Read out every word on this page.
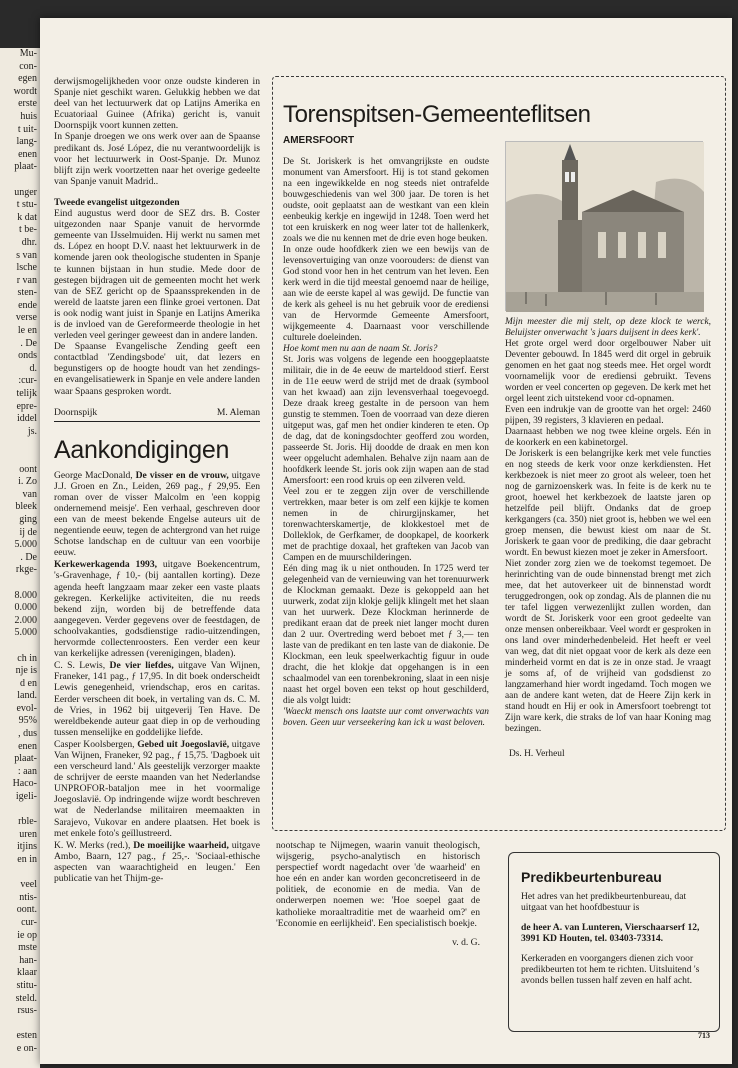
Mu-

con-

egen

wordt

erste

huis

t uit-

lang-

enen

plaat-

unger

t stu-

k dat

t be-

dhr.

s van

lsche

r van

sten-

ende

verse

le en

. De

onds

d.

:cur-

telijk

epre-

iddel

js.

oont

i. Zo

van

bleek

ging

ij de

5.000

. De

rkge-

8.000

0.000

2.000

5.000

ch in

nje is

d en

land.

evol-

95%

, dus

enen

plaat-

: aan

Haco-

igeli-

rble-

uren

itjins

en in

veel

ntis-

oont.

cur-

ie op

mste

han-

klaar

stitu-

steld.

rsus-

esten

e on-

derwijsmogelijkheden voor onze oudste kinderen in Spanje niet geschikt waren. Gelukkig hebben we dat deel van het lectuurwerk dat op Latijns Amerika en Ecuatoriaal Guinee (Afrika) gericht is, vanuit Doornspijk voort kunnen zetten.

In Spanje droegen we ons werk over aan de Spaanse predikant ds. José López, die nu verantwoordelijk is voor het lectuurwerk in Oost-Spanje. Dr. Munoz blijft zijn werk voortzetten naar het overige gedeelte van Spanje vanuit Madrid..

Tweede evangelist uitgezonden

Eind augustus werd door de SEZ drs. B. Coster uitgezonden naar Spanje vanuit de hervormde gemeente van IJsselmuiden. Hij werkt nu samen met ds. López en hoopt D.V. naast het lektuurwerk in de komende jaren ook theologische studenten in Spanje te kunnen bijstaan in hun studie. Mede door de gestegen bijdragen uit de gemeenten mocht het werk van de SEZ gericht op de Spaanssprekenden in de wereld de laatste jaren een flinke groei vertonen. Dat is ook nodig want juist in Spanje en Latijns Amerika is de invloed van de Gereformeerde theologie in het verleden veel geringer geweest dan in andere landen.

De Spaanse Evangelische Zending geeft een contactblad 'Zendingsbode' uit, dat lezers en begunstigers op de hoogte houdt van het zendings- en evangelisatiewerk in Spanje en vele andere landen waar Spaans gesproken wordt.

Doornspijk	M. Aleman
Aankondigingen

George MacDonald, De visser en de vrouw, uitgave J.J. Groen en Zn., Leiden, 269 pag., ƒ 29,95. Een roman over de visser Malcolm en 'een koppig ondernemend meisje'. Een verhaal, geschreven door een van de meest bekende Engelse auteurs uit de negentiende eeuw, tegen de achtergrond van het ruige Schotse landschap en de cultuur van een voorbije eeuw.

Kerkewerkagenda 1993, uitgave Boekencentrum, 's-Gravenhage, ƒ 10,- (bij aantallen korting). Deze agenda heeft langzaam maar zeker een vaste plaats gekregen. Kerkelijke activiteiten, die nu reeds bekend zijn, worden bij de betreffende data aangegeven. Verder gegevens over de feestdagen, de schoolvakanties, godsdienstige radio-uitzendingen, hervormde collectenroosters. Een verder een keur van kerkelijke adressen (verenigingen, bladen).

C. S. Lewis, De vier liefdes, uitgave Van Wijnen, Franeker, 141 pag., ƒ 17,95. In dit boek onderscheidt Lewis genegenheid, vriendschap, eros en caritas. Eerder verscheen dit boek, in vertaling van ds. C. M. de Vries, in 1962 bij uitgeverij Ten Have. De wereldbekende auteur gaat diep in op de verhouding tussen menselijke en goddelijke liefde.

Casper Koolsbergen, Gebed uit Joegoslavië, uitgave Van Wijnen, Franeker, 92 pag., ƒ 15,75. 'Dagboek uit een verscheurd land.' Als geestelijk verzorger maakte de schrijver de eerste maanden van het Nederlandse UNPROFOR-bataljon mee in het voormalige Joegoslavië. Op indringende wijze wordt beschreven wat de Nederlandse militairen meemaakten in Sarajevo, Vukovar en andere plaatsen. Het boek is met enkele foto's geïllustreerd.

K. W. Merks (red.), De moeilijke waarheid, uitgave Ambo, Baarn, 127 pag., ƒ 25,-. 'Sociaal-ethische aspecten van waarachtigheid en leugen.' Een publicatie van het Thijm-ge-

Torenspitsen-Gemeenteflitsen
AMERSFOORT

De St. Joriskerk is het omvangrijkste en oudste monument van Amersfoort. Hij is tot stand gekomen na een ingewikkelde en nog steeds niet ontrafelde bouwgeschiedenis van wel 300 jaar. De toren is het oudste, ooit geplaatst aan de westkant van een klein eenbeukig kerkje en ingewijd in 1248. Toen werd het tot een kruiskerk en nog weer later tot de hallenkerk, zoals we die nu kennen met de drie even hoge beuken.

In onze oude hoofdkerk zien we een bewijs van de levensovertuiging van onze voorouders: de dienst van God stond voor hen in het centrum van het leven. Een kerk werd in die tijd meestal genoemd naar de heilige, aan wie de eerste kapel al was gewijd. De functie van de kerk als geheel is nu het gebruik voor de erediensi van de Hervormde Gemeente Amersfoort, wijkgemeente 4. Daarnaast voor verschillende culturele doeleinden.

Hoe komt men nu aan de naam St. Joris?

St. Joris was volgens de legende een hooggeplaatste militair, die in de 4e eeuw de marteldood stierf. Eerst in de 11e eeuw werd de strijd met de draak (symbool van het kwaad) aan zijn levensverhaal toegevoegd. Deze draak kreeg gestalte in de persoon van hem gunstig te stemmen. Toen de voorraad van deze dieren uitgeput was, gaf men het ondier kinderen te eten. Op de dag, dat de koningsdochter geofferd zou worden, passeerde St. Joris. Hij doodde de draak en men kon weer opgelucht ademhalen. Behalve zijn naam aan de hoofdkerk leende St. joris ook zijn wapen aan de stad Amersfoort: een rood kruis op een zilveren veld.

Veel zou er te zeggen zijn over de verschillende vertrekken, maar beter is om zelf een kijkje te komen nemen in de chirurgijnskamer, het torenwachterskamertje, de klokkestoel met de Dolleklok, de Gerfkamer, de doopkapel, de koorkerk met de prachtige doxaal, het grafteken van Jacob van Campen en de muurschilderingen.

Eén ding mag ik u niet onthouden. In 1725 werd ter gelegenheid van de vernieuwing van het torenuurwerk de Klockman gemaakt. Deze is gekoppeld aan het uurwerk, zodat zijn klokje gelijk klingelt met het slaan van het uurwerk. Deze Klockman herinnerde de predikant eraan dat de preek niet langer mocht duren dan 2 uur. Overtreding werd beboet met ƒ 3,— ten laste van de predikant en ten laste van de diakonie. De Klockman, een leuk speelwerkachtig figuur in oude dracht, die het klokje dat opgehangen is in een schaalmodel van een torenbekroning, slaat in een nisje naast het orgel boven een tekst op hout geschilderd, die als volgt luidt:

'Waeckt mensch ons laatste uur comt onverwachts van boven. Geen uur verseekering kan ick u wast beloven.

Mijn meester die mij stelt, op deze klock te werck, Beluijster onverwacht 's jaars duijsent in dees kerk'.

Het grote orgel werd door orgelbouwer Naber uit Deventer gebouwd. In 1845 werd dit orgel in gebruik genomen en het gaat nog steeds mee. Het orgel wordt voornamelijk voor de erediensi gebruikt. Tevens worden er veel concerten op gegeven. De kerk met het orgel leent zich uitstekend voor cd-opnamen.

Even een indrukje van de grootte van het orgel: 2460 pijpen, 39 registers, 3 klavieren en pedaal.

Daarnaast hebben we nog twee kleine orgels. Eén in de koorkerk en een kabinetorgel.

De Joriskerk is een belangrijke kerk met vele functies en nog steeds de kerk voor onze kerkdiensten. Het kerkbezoek is niet meer zo groot als weleer, toen het nog de garnizoenskerk was. In feite is de kerk nu te groot, hoewel het kerkbezoek de laatste jaren op hetzelfde peil blijft. Ondanks dat de groep kerkgangers (ca. 350) niet groot is, hebben we wel een groep mensen, die bewust kiest om naar de St. Joriskerk te gaan voor de prediking, die daar gebracht wordt. En bewust kiezen moet je zeker in Amersfoort.

Niet zonder zorg zien we de toekomst tegemoet. De herinrichting van de oude binnenstad brengt met zich mee, dat het autoverkeer uit de binnenstad wordt teruggedrongen, ook op zondag. Als de plannen die nu ter tafel liggen verwezenlijkt zullen worden, dan wordt de St. Joriskerk voor een groot gedeelte van onze mensen onbereikbaar. Veel wordt er gesproken in ons land over minderhedenbeleid. Het heeft er veel van weg, dat dit niet opgaat voor de kerk als deze een minderheid vormt en dat is ze in onze stad. Je vraagt je soms af, of de vrijheid van godsdienst zo langzamerhand hier wordt ingedamd. Toch mogen we aan de andere kant weten, dat de Heere Zijn kerk in stand houdt en Hij er ook in Amersfoort toebrengt tot Zijn ware kerk, die straks de lof van haar Koning mag bezingen.

Ds. H. Verheul

nootschap te Nijmegen, waarin vanuit theologisch, wijsgerig, psycho-analytisch en historisch perspectief wordt nagedacht over 'de waarheid' en hoe eén en ander kan worden geconcretiseerd in de politiek, de economie en de media. Van de onderwerpen noemen we: 'Hoe soepel gaat de katholieke moraaltraditie met de waarheid om?' en 'Economie en eerlijkheid'. Een specialistisch boekje.

v. d. G.

Predikbeurtenbureau

Het adres van het predikbeurtenbureau, dat uitgaat van het hoofdbestuur is

de heer A. van Lunteren, Vierschaarserf 12, 3991 KD Houten, tel. 03403-73314.

Kerkeraden en voorgangers dienen zich voor predikbeurten tot hem te richten. Uitsluitend 's avonds bellen tussen half zeven en half acht.

713
